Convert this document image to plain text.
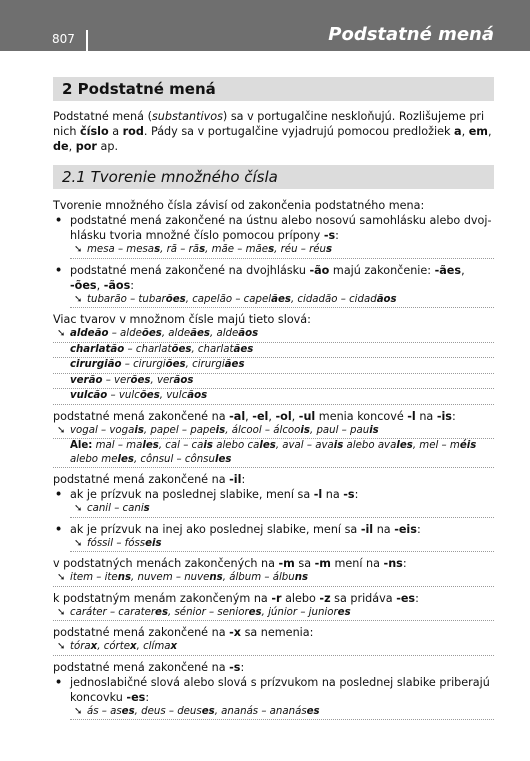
807	Podstatné mená
2 Podstatné mená
Podstatné mená (substantivos) sa v portugalčine neskloňujú. Rozlišujeme pri nich číslo a rod. Pády sa v portugalčine vyjadrujú pomocou predložiek a, em, de, por ap.
2.1 Tvorenie množného čísla
Tvorenie množného čísla závisí od zakončenia podstatného mena:
• podstatné mená zakončené na ústnu alebo nosovú samohlásku alebo dvoj-hlásku tvoria množné číslo pomocou prípony -s:
➘ mesa – mesas, rã – rãs, mãe – mães, réu – réus
• podstatné mená zakončené na dvojhlásku -ão majú zakončenie: -ães, -ões, -ãos:
➘ tubarão – tubarões, capelão – capelães, cidadão – cidadãos
Viac tvarov v množnom čísle majú tieto slová:
➘ aldeão – aldeões, aldeães, aldeãos
charlatão – charlatões, charlatães
cirurgião – cirurgiões, cirurgiães
verão – verões, verãos
vulcão – vulcões, vulcãos
podstatné mená zakončené na -al, -el, -ol, -ul menia koncové -l na -is:
➘ vogal – vogais, papel – papeis, álcool – álcoois, paul – pauis
Ale: mal – males, cal – cais alebo cales, aval – avais alebo avales, mel – méis alebo meles, cônsul – cônsules
podstatné mená zakončené na -il:
• ak je prízvuk na poslednej slabike, mení sa -l na -s:
➘ canil – canis
• ak je prízvuk na inej ako poslednej slabike, mení sa -il na -eis:
➘ fóssil – fósseis
v podstatných menách zakončených na -m sa -m mení na -ns:
➘ item – itens, nuvem – nuvens, álbum – álbuns
k podstatným menám zakončeným na -r alebo -z sa pridáva -es:
➘ caráter – carateres, sénior – seniores, júnior – juniores
podstatné mená zakončené na -x sa nemenia:
➘ tórax, córtex, clímax
podstatné mená zakončené na -s:
• jednoslabičné slová alebo slová s prízvukom na poslednej slabike priberajú koncovku -es:
➘ ás – ases, deus – deuses, ananás – ananáses
